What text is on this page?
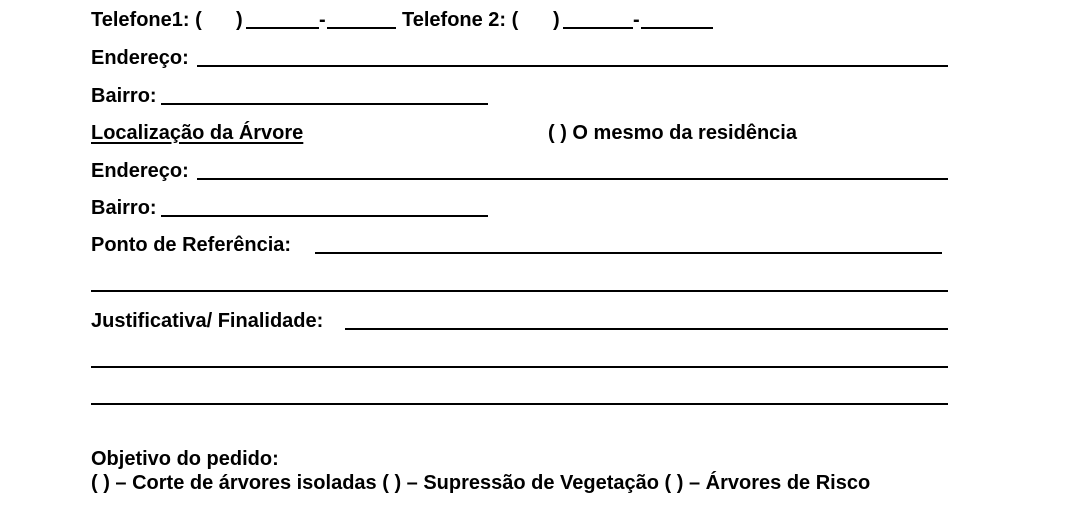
Telefone1: ( )	-	Telefone 2: ( )	-
Endereço:
Bairro:
Localização da Árvore	( ) O mesmo da residência
Endereço:
Bairro:
Ponto de Referência:
Justificativa/ Finalidade:
Objetivo do pedido:
( ) – Corte de árvores isoladas ( ) – Supressão de Vegetação ( ) – Árvores de Risco
